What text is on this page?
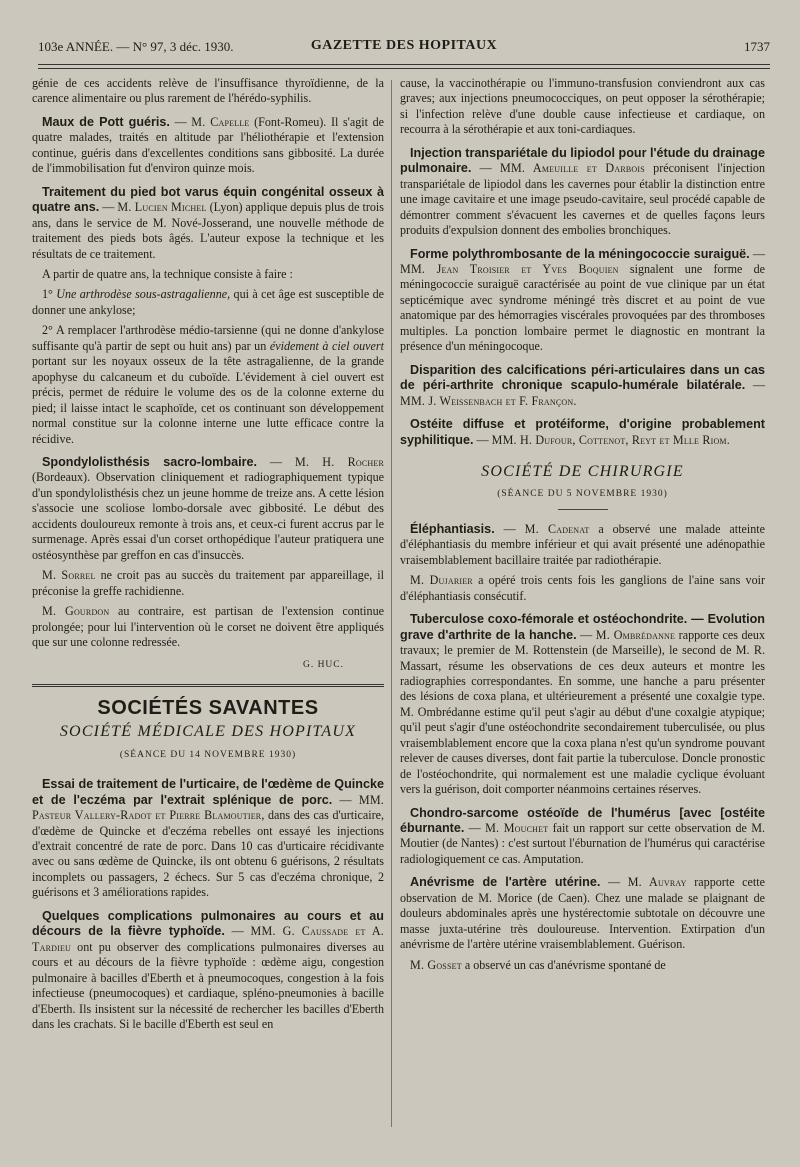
103e ANNÉE. — N° 97, 3 déc. 1930.	GAZETTE DES HOPITAUX	1737

génie de ces accidents relève de l'insuffisance thyroïdienne, de la carence alimentaire ou plus rarement de l'hérédo-syphilis.

Maux de Pott guéris. — M. Capelle (Font-Romeu). Il s'agit de quatre malades, traités en altitude par l'héliothérapie et l'extension continue, guéris dans d'excellentes conditions sans gibbosité. La durée de l'immobilisation fut d'environ quinze mois.

Traitement du pied bot varus équin congénital osseux à quatre ans. — M. Lucien Michel (Lyon) applique depuis plus de trois ans, dans le service de M. Nové-Josserand, une nouvelle méthode de traitement des pieds bots âgés. L'auteur expose la technique et les résultats de ce traitement.

A partir de quatre ans, la technique consiste à faire :

1° Une arthrodèse sous-astragalienne, qui à cet âge est susceptible de donner une ankylose;

2° A remplacer l'arthrodèse médio-tarsienne (qui ne donne d'ankylose suffisante qu'à partir de sept ou huit ans) par un évidement à ciel ouvert portant sur les noyaux osseux de la tête astragalienne, de la grande apophyse du calcaneum et du cuboïde. L'évidement à ciel ouvert est précis, permet de réduire le volume des os de la colonne externe du pied; il laisse intact le scaphoïde, cet os continuant son développement normal constitue sur la colonne interne une lutte efficace contre la récidive.

Spondylolisthésis sacro-lombaire. — M. H. Rocher (Bordeaux). Observation cliniquement et radiographiquement typique d'un spondylolisthésis chez un jeune homme de treize ans. A cette lésion s'associe une scoliose lombo-dorsale avec gibbosité. Le début des accidents douloureux remonte à trois ans, et ceux-ci furent accrus par le surmenage. Après essai d'un corset orthopédique l'auteur pratiquera une ostéosynthèse par greffon en cas d'insuccès.

M. Sorrel ne croit pas au succès du traitement par appareillage, il préconise la greffe rachidienne.

M. Gourdon au contraire, est partisan de l'extension continue prolongée; pour lui l'intervention où le corset ne doivent être appliqués que sur une colonne redressée.

G. HUC.
SOCIÉTÉS SAVANTES
SOCIÉTÉ MÉDICALE DES HOPITAUX
(SÉANCE DU 14 NOVEMBRE 1930)

Essai de traitement de l'urticaire, de l'œdème de Quincke et de l'eczéma par l'extrait splénique de porc. — MM. Pasteur Vallery-Radot et Pierre Blamoutier, dans des cas d'urticaire, d'œdème de Quincke et d'eczéma rebelles ont essayé les injections d'extrait concentré de rate de porc. Dans 10 cas d'urticaire récidivante avec ou sans œdème de Quincke, ils ont obtenu 6 guérisons, 2 résultats incomplets ou passagers, 2 échecs. Sur 5 cas d'eczéma chronique, 2 guérisons et 3 améliorations rapides.

Quelques complications pulmonaires au cours et au décours de la fièvre typhoïde. — MM. G. Caussade et A. Tardieu ont pu observer des complications pulmonaires diverses au cours et au décours de la fièvre typhoïde : œdème aigu, congestion pulmonaire à bacilles d'Eberth et à pneumocoques, congestion à la fois infectieuse (pneumocoques) et cardiaque, spléno-pneumonies à bacille d'Eberth. Ils insistent sur la nécessité de rechercher les bacilles d'Eberth dans les crachats. Si le bacille d'Eberth est seul en

cause, la vaccinothérapie ou l'immuno-transfusion conviendront aux cas graves; aux injections pneumococciques, on peut opposer la sérothérapie; si l'infection relève d'une double cause infectieuse et cardiaque, on recourra à la sérothérapie et aux toni-cardiaques.

Injection transpariétale du lipiodol pour l'étude du drainage pulmonaire. — MM. Ameuille et Darbois préconisent l'injection transpariétale de lipiodol dans les cavernes pour établir la distinction entre une image cavitaire et une image pseudo-cavitaire, seul procédé capable de démontrer comment s'évacuent les cavernes et de quelles façons leurs produits d'expulsion donnent des embolies bronchiques.

Forme polythrombosante de la méningococcie suraiguë. — MM. Jean Troisier et Yves Boquien signalent une forme de méningococcie suraiguë caractérisée au point de vue clinique par un état septicémique avec syndrome méningé très discret et au point de vue anatomique par des hémorragies viscérales provoquées par des thromboses multiples. La ponction lombaire permet le diagnostic en montrant la présence d'un méningocoque.

Disparition des calcifications péri-articulaires dans un cas de péri-arthrite chronique scapulo-humérale bilatérale. — MM. J. Weissenbach et F. Françon.

Ostéite diffuse et protéiforme, d'origine probablement syphilitique. — MM. H. Dufour, Cottenot, Reyt et Mlle Riom.

SOCIÉTÉ DE CHIRURGIE
(SÉANCE DU 5 NOVEMBRE 1930)

Éléphantiasis. — M. Cadenat a observé une malade atteinte d'éléphantiasis du membre inférieur et qui avait présenté une adénopathie vraisemblablement bacillaire traitée par radiothérapie.

M. Dujarier a opéré trois cents fois les ganglions de l'aine sans voir d'éléphantiasis consécutif.

Tuberculose coxo-fémorale et ostéochondrite. — Evolution grave d'arthrite de la hanche. — M. Ombrédanne rapporte ces deux travaux; le premier de M. Rottenstein (de Marseille), le second de M. R. Massart, résume les observations de ces deux auteurs et montre les radiographies correspondantes. En somme, une hanche a paru présenter des lésions de coxa plana, et ultérieurement a présenté une coxalgie type. M. Ombrédanne estime qu'il peut s'agir au début d'une coxalgie atypique; qu'il peut s'agir d'une ostéochondrite secondairement tuberculisée, ou plus vraisemblablement encore que la coxa plana n'est qu'un syndrome pouvant relever de causes diverses, dont fait partie la tuberculose. Doncle pronostic de l'ostéochondrite, qui normalement est une maladie cyclique évoluant vers la guérison, doit comporter néanmoins certaines réserves.

Chondro-sarcome ostéoïde de l'humérus [avec [ostéite éburnante. — M. Mouchet fait un rapport sur cette observation de M. Moutier (de Nantes) : c'est surtout l'éburnation de l'humérus qui caractérise radiologiquement ce cas. Amputation.

Anévrisme de l'artère utérine. — M. Auvray rapporte cette observation de M. Morice (de Caen). Chez une malade se plaignant de douleurs abdominales après une hystérectomie subtotale on découvre une masse juxta-utérine très douloureuse. Intervention. Extirpation d'un anévrisme de l'artère utérine vraisemblablement. Guérison.

M. Gosset a observé un cas d'anévrisme spontané de
